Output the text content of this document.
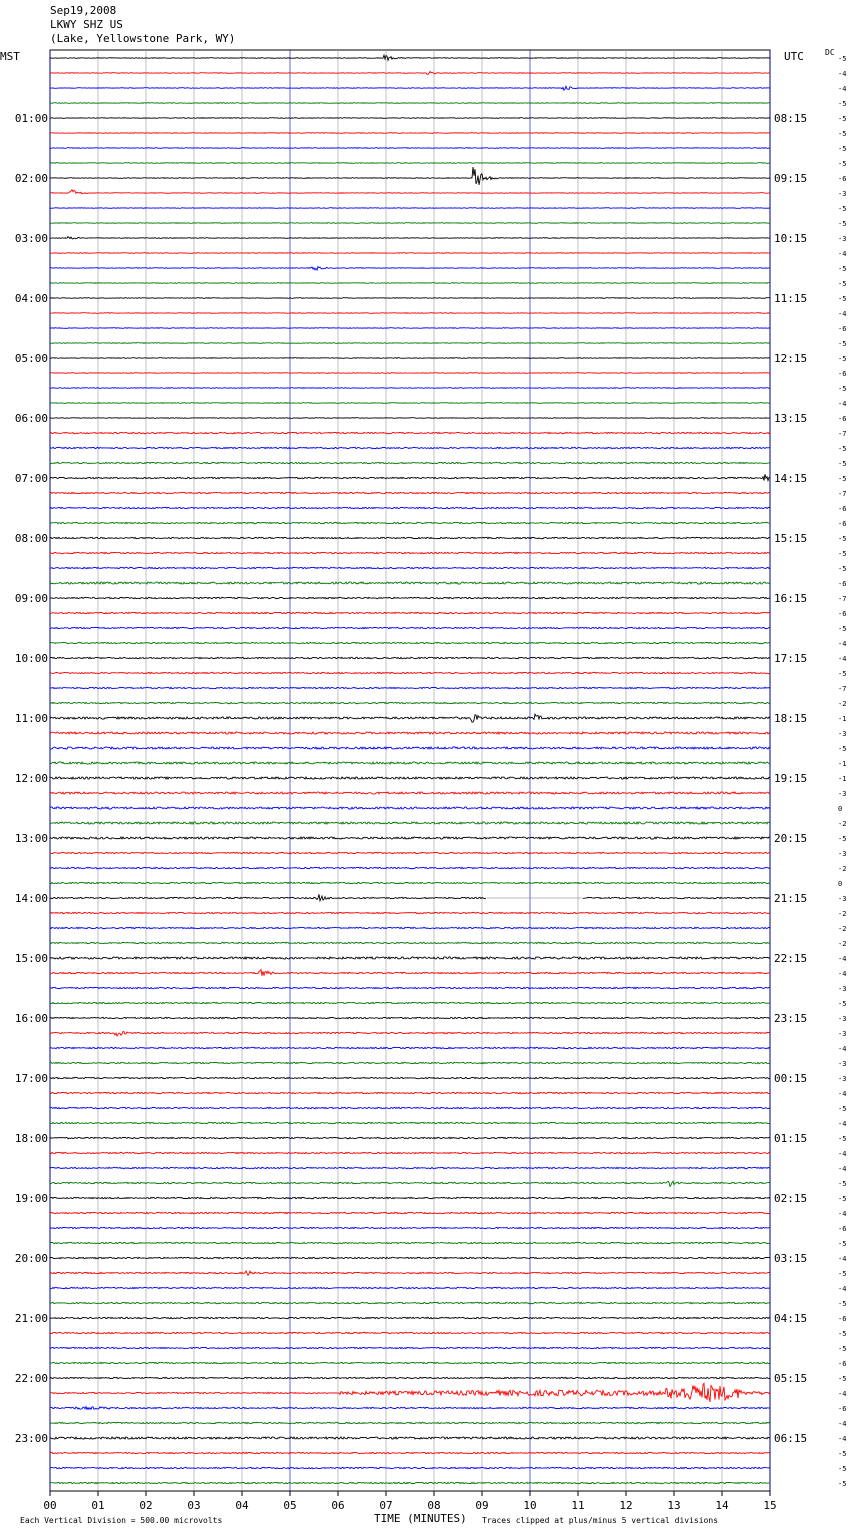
Sep19,2008
LKWY SHZ US
(Lake, Yellowstone Park, WY)
DC
-5
-4
-4
-5
-5
-5
-5
-5
-6
-3
-5
-5
-3
-4
-5
-5
-5
-4
-6
-5
-5
-6
-5
-4
-6
-7
-5
-5
-5
-7
-6
-6
-5
-5
-5
-6
-7
-6
-5
-4
-4
-5
-7
-2
-1
-3
-5
-1
-1
-3
0
-2
-5
-3
-2
0
-3
-2
-2
-2
-4
-4
-3
-5
-3
-3
-4
-3
-3
-4
-5
-4
-5
-4
-4
-5
-5
-4
-6
-5
-4
-5
-4
-5
-6
-5
-5
-6
-5
-4
-6
-4
-4
-5
-5
-5
01:00	08:15
02:00	09:15
03:00	10:15
04:00	11:15
05:00	12:15
06:00	13:15
07:00	14:15
08:00	15:15
09:00	16:15
10:00	17:15
11:00	18:15
12:00	19:15
13:00	20:15
14:00	21:15
15:00	22:15
16:00	23:15
17:00	00:15
18:00	01:15
19:00	02:15
20:00	03:15
21:00	04:15
22:00	05:15
23:00	06:15
MST	UTC
00	01	02	03	04	05	06	07	08	09	10	11	12	13	14	15
Each Vertical Division = 500.00 microvolts	Traces clipped at plus/minus 5 vertical divisions
TIME (MINUTES)
